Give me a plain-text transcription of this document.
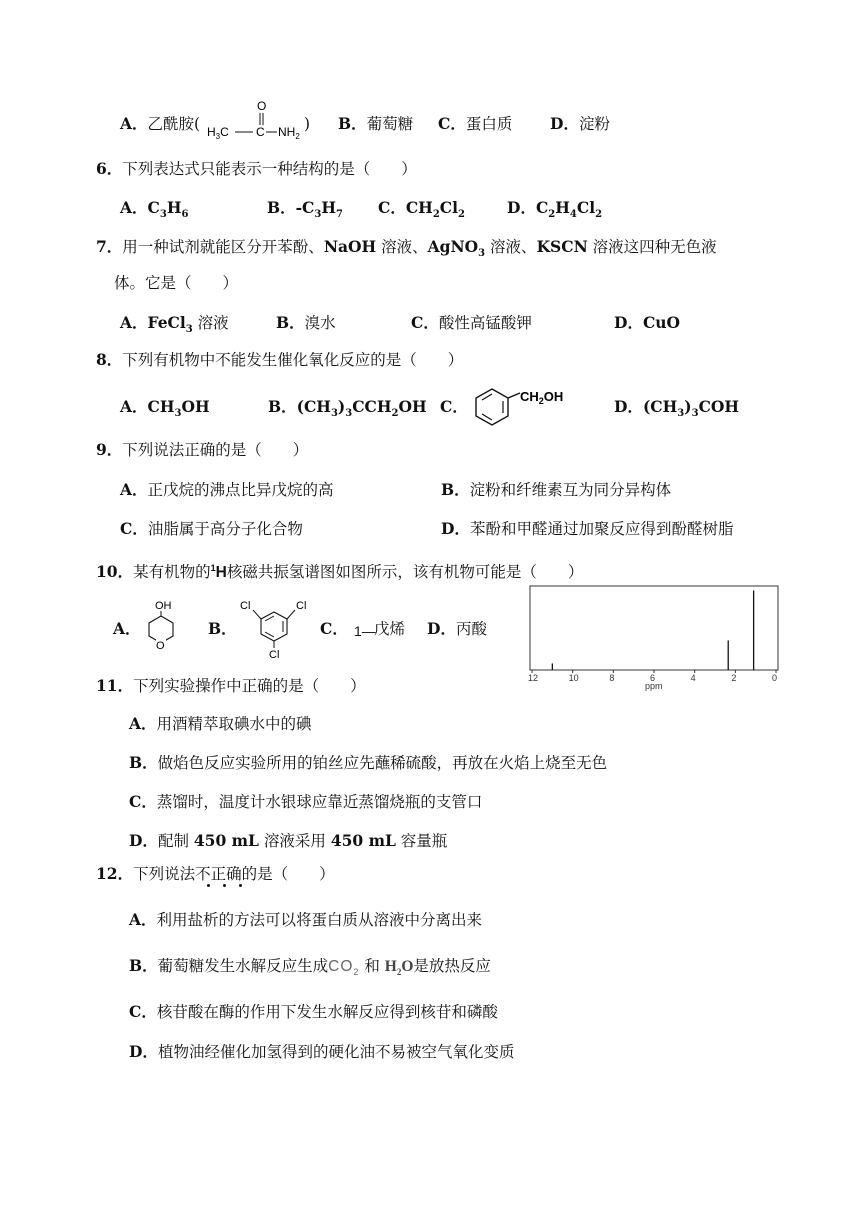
A．乙酰胺(
O
$H_3C$ C $NH_2$
) B．葡萄糖 C．蛋白质 D．淀粉
6．下列表达式只能表示一种结构的是（　　）
A．$C_3H_6$	B．$-C_3H_7$ C．$CH_2Cl_2$	D．$C_2H_4Cl_2$
7．用一种试剂就能区分开苯酚、NaOH 溶液、AgNO$_3$ 溶液、KSCN 溶液这四种无色液
体。它是（　　）
A．FeCl$_3$ 溶液	B．溴水	C．酸性高锰酸钾	D．CuO
8．下列有机物中不能发生催化氧化反应的是（　　）
A．$CH_3OH$	B．$(CH_3)_3CCH_2OH$ C．
$CH_2OH$
CH2OH
D．$(CH_3)_3COH$
9．下列说法正确的是（　　）
A．正戊烷的沸点比异戊烷的高	B．淀粉和纤维素互为同分异构体
C．油脂属于高分子化合物	D．苯酚和甲醛通过加聚反应得到酚醛树脂
10．某有机物的$^1$H核磁共振氢谱图如图所示，该有机物可能是（　　）
A．
OH
O
B．
Cl	Cl
Cl
C． 1—
戊烯 D．丙酸
12	10	8	6	4	2	0
ppm
11．下列实验操作中正确的是（　　）
A．用酒精萃取碘水中的碘
B．做焰色反应实验所用的铂丝应先蘸稀硫酸，再放在火焰上烧至无色
C．蒸馏时，温度计水银球应靠近蒸馏烧瓶的支管口
D．配制 450 mL 溶液采用 450 mL 容量瓶
12．下列说法不正确的是（　　）
A．利用盐析的方法可以将蛋白质从溶液中分离出来
B．葡萄糖发生水解反应生成$CO_2$ 和 $H_2O$是放热反应
C．核苷酸在酶的作用下发生水解反应得到核苷和磷酸
D．植物油经催化加氢得到的硬化油不易被空气氧化变质
